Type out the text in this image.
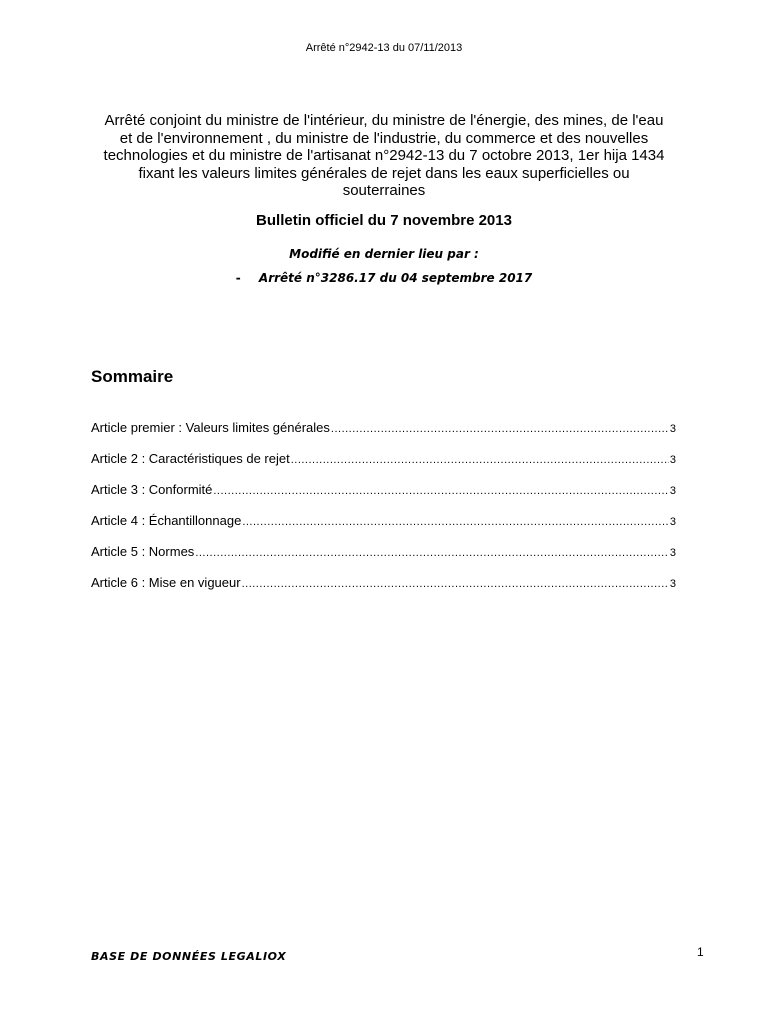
Arrêté n°2942-13 du 07/11/2013
Arrêté conjoint du ministre de l'intérieur, du ministre de l'énergie, des mines, de l'eau
et de l'environnement , du ministre de l'industrie, du commerce et des nouvelles
technologies et du ministre de l'artisanat n°2942-13 du 7 octobre 2013, 1er hija 1434
fixant les valeurs limites générales de rejet dans les eaux superficielles ou
souterraines
Bulletin officiel du 7 novembre 2013
Modifié en dernier lieu par :
- Arrêté n°3286.17 du 04 septembre 2017
Sommaire
Article premier : Valeurs limites générales .....	3
Article 2 : Caractéristiques de rejet .....	3
Article 3 : Conformité .....	3
Article 4 : Échantillonnage .....	3
Article 5 : Normes .....	3
Article 6 : Mise en vigueur .....	3
BASE DE DONNÉES LEGALIOX	1
